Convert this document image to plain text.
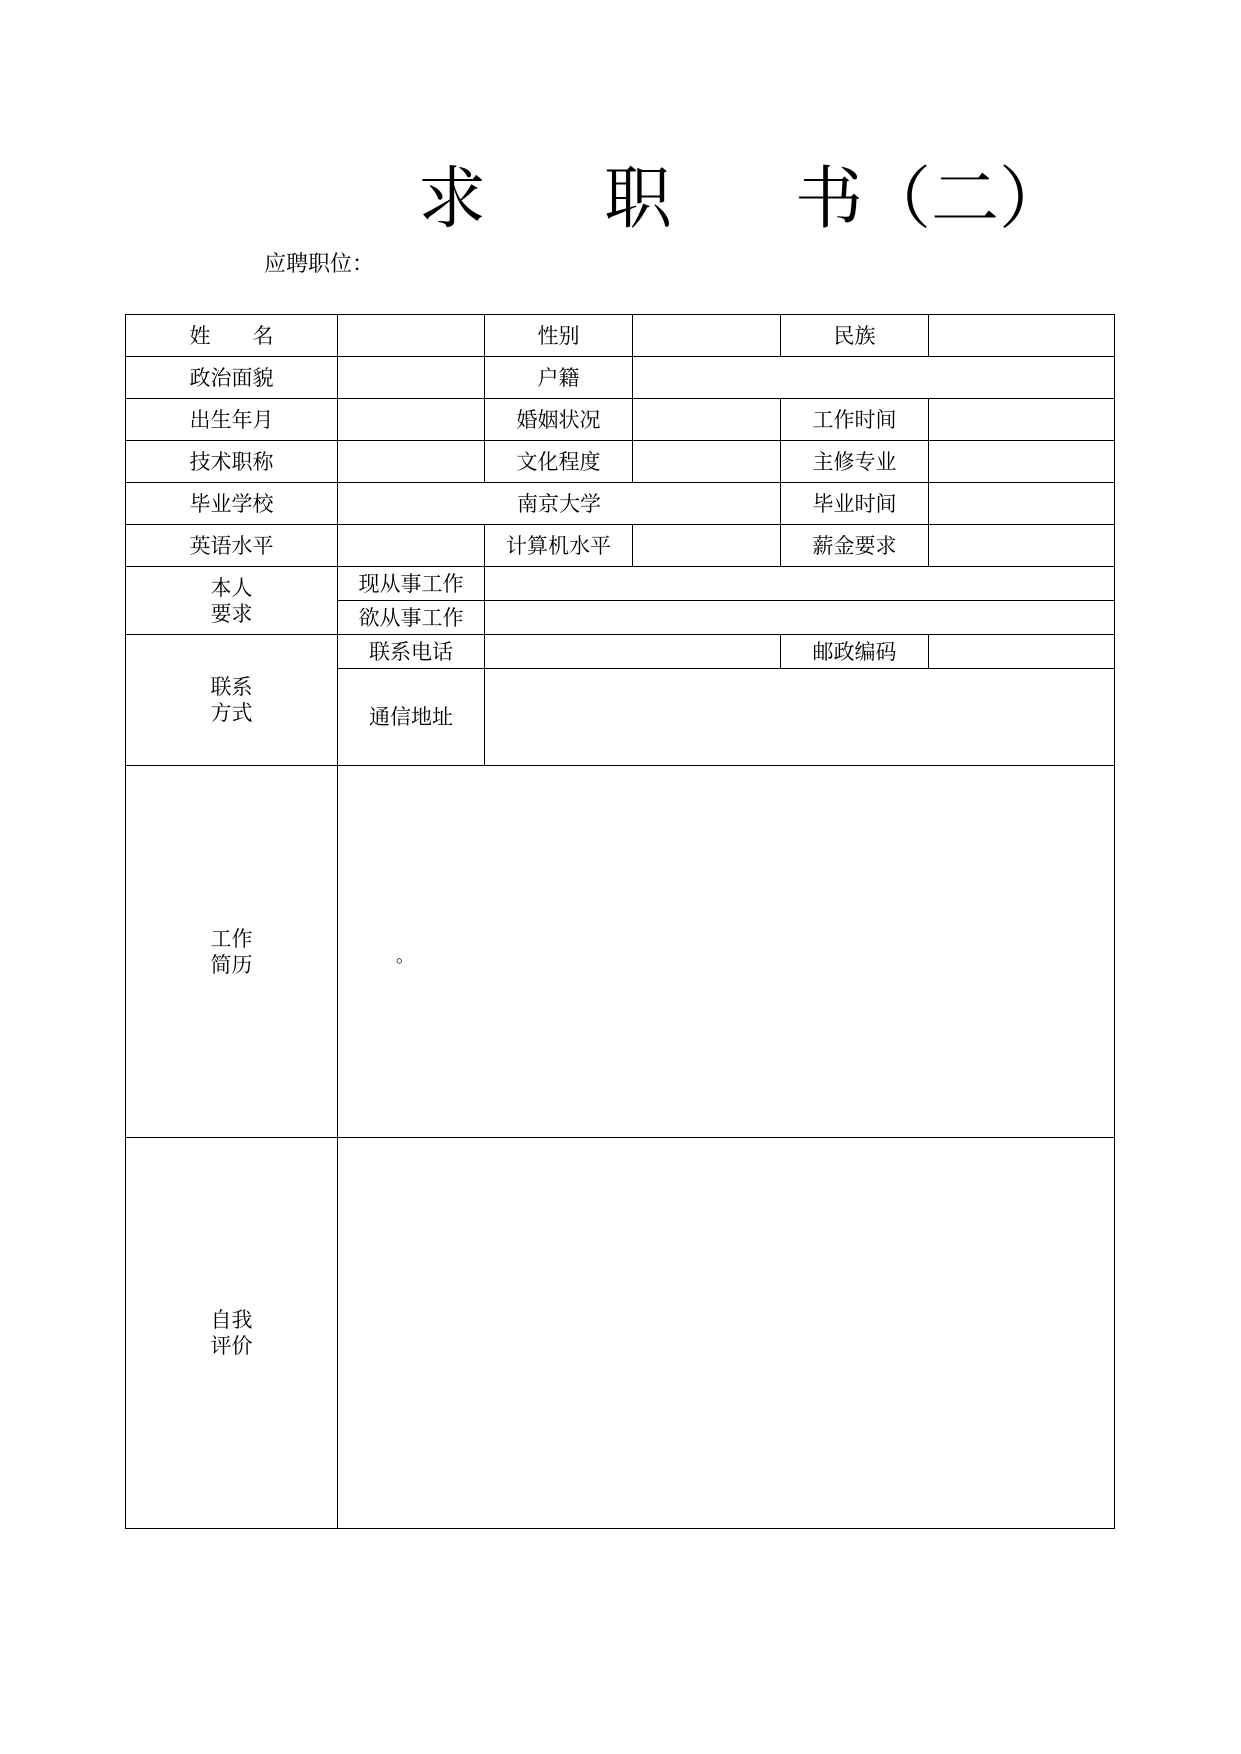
求 职 书（二）
应聘职位：
姓　　名		性别		民族	
政治面貌		户籍			
出生年月		婚姻状况		工作时间	
技术职称		文化程度		主修专业	
毕业学校	南京大学			毕业时间	
英语水平		计算机水平		薪金要求	

本人
要求	现从事工作				
	欲从事工作				

联系
方式	联系电话			邮政编码	
	通信地址				

工作
简历	。				

自我
评价					
